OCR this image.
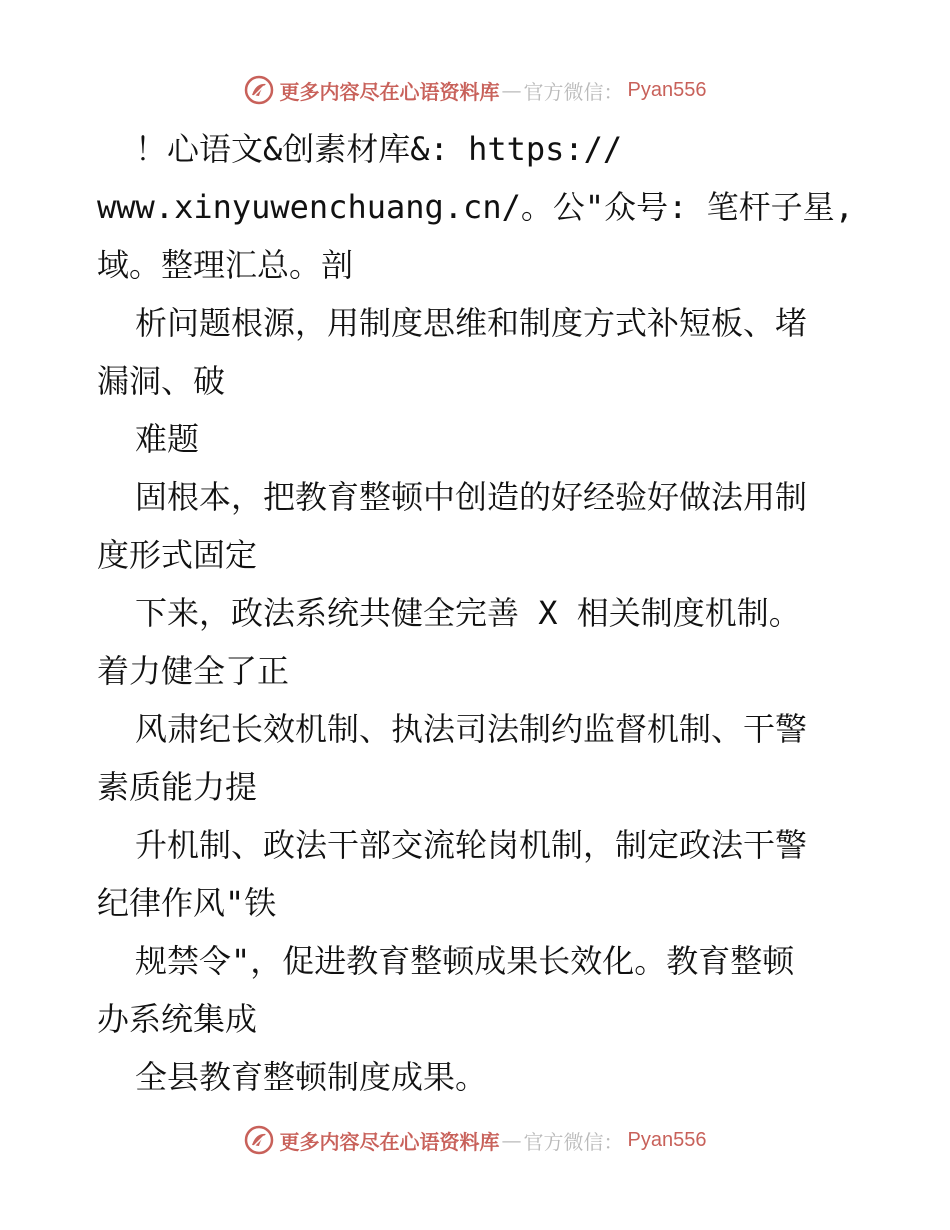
更多内容尽在心语资料库 — 官方微信： Pyan556
！心语文&创素材库&: https://
www.xinyuwenchuang.cn/。公"众号: 笔杆子星,
域。整理汇总。剖
析问题根源，用制度思维和制度方式补短板、堵
漏洞、破
难题
固根本，把教育整顿中创造的好经验好做法用制
度形式固定
下来，政法系统共健全完善 X 相关制度机制。
着力健全了正
风肃纪长效机制、执法司法制约监督机制、干警
素质能力提
升机制、政法干部交流轮岗机制，制定政法干警
纪律作风"铁
规禁令"，促进教育整顿成果长效化。教育整顿
办系统集成
全县教育整顿制度成果。
更多内容尽在心语资料库 — 官方微信： Pyan556
